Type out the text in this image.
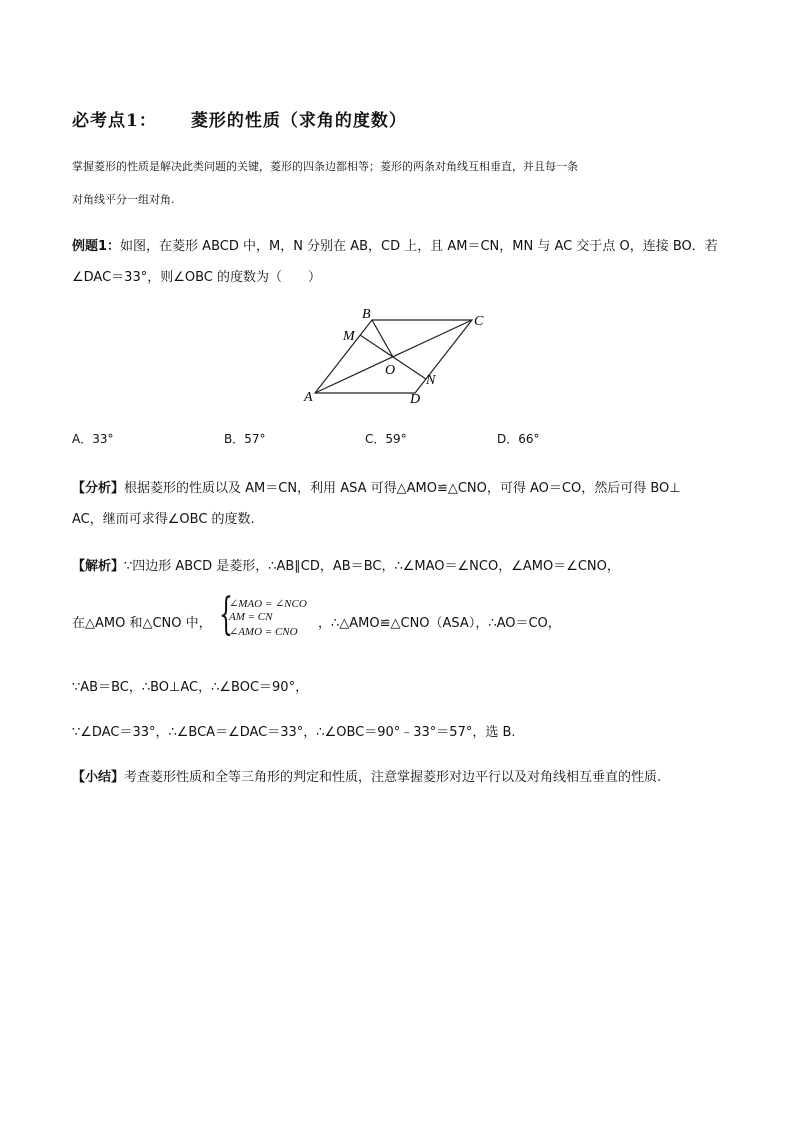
必考点1： 菱形的性质（求角的度数）
掌握菱形的性质是解决此类问题的关键，菱形的四条边都相等；菱形的两条对角线互相垂直，并且每一条
对角线平分一组对角.
例题1：如图，在菱形 ABCD 中，M，N 分别在 AB，CD 上，且 AM＝CN，MN 与 AC 交于点 O，连接 BO．若
∠DAC＝33°，则∠OBC 的度数为（　　）
B	C
M
O
N
A	D
A．33°	B．57°	C．59°	D．66°
【分析】根据菱形的性质以及 AM＝CN，利用 ASA 可得△AMO≌△CNO，可得 AO＝CO，然后可得 BO⊥
AC，继而可求得∠OBC 的度数.
【解析】∵四边形 ABCD 是菱形，∴AB∥CD，AB＝BC，∴∠MAO＝∠NCO，∠AMO＝∠CNO，
在△AMO 和△CNO 中， {
∠MAO = ∠NCO
AM = CN
∠AMO = CNO
，∴△AMO≌△CNO（ASA），∴AO＝CO，
∵AB＝BC，∴BO⊥AC，∴∠BOC＝90°，
∵∠DAC＝33°，∴∠BCA＝∠DAC＝33°，∴∠OBC＝90°﹣33°＝57°，选 B.
【小结】考查菱形性质和全等三角形的判定和性质，注意掌握菱形对边平行以及对角线相互垂直的性质.
